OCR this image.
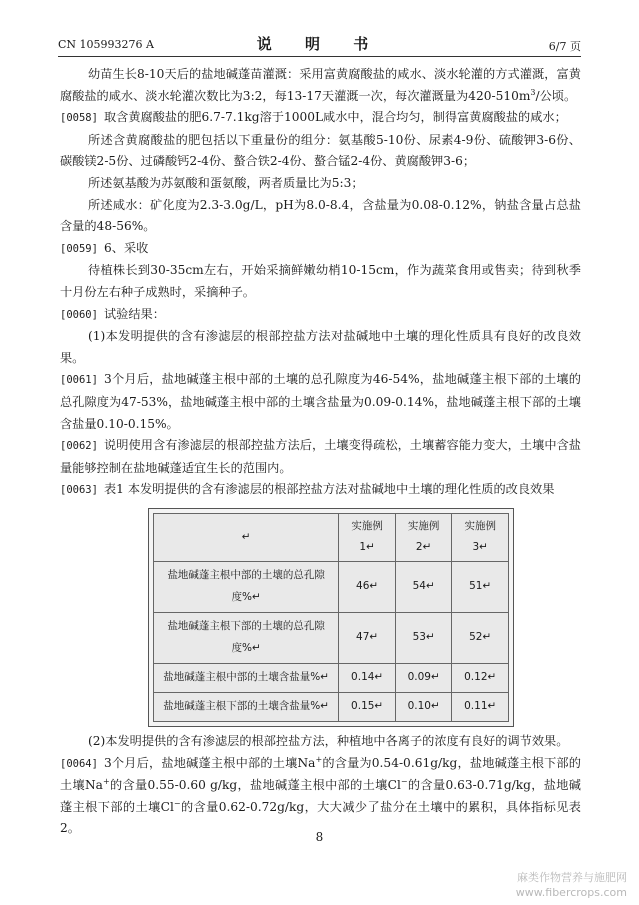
CN 105993276 A	说 明 书	6/7 页

幼苗生长8-10天后的盐地碱蓬苗灌溉：采用富黄腐酸盐的咸水、淡水轮灌的方式灌溉，富黄腐酸盐的咸水、淡水轮灌次数比为3:2，每13-17天灌溉一次，每次灌溉量为$420-510m^3/$公顷。

[0058] 取含黄腐酸盐的肥6.7-7.1kg溶于1000L咸水中，混合均匀，制得富黄腐酸盐的咸水；

所述含黄腐酸盐的肥包括以下重量份的组分：氨基酸5-10份、尿素4-9份、硫酸钾3-6份、碳酸镁2-5份、过磷酸钙2-4份、螯合铁2-4份、螯合锰2-4份、黄腐酸钾3-6；

所述氨基酸为苏氨酸和蛋氨酸，两者质量比为5:3；

所述咸水：矿化度为2.3-3.0g/L，pH为8.0-8.4，含盐量为0.08-0.12%，钠盐含量占总盐含量的48-56%。

[0059] 6、采收

待植株长到30-35cm左右，开始采摘鲜嫩幼梢10-15cm，作为蔬菜食用或售卖；待到秋季十月份左右种子成熟时，采摘种子。

[0060] 试验结果：

(1)本发明提供的含有渗滤层的根部控盐方法对盐碱地中土壤的理化性质具有良好的改良效果。

[0061] 3个月后，盐地碱蓬主根中部的土壤的总孔隙度为46-54%，盐地碱蓬主根下部的土壤的总孔隙度为47-53%，盐地碱蓬主根中部的土壤含盐量为0.09-0.14%，盐地碱蓬主根下部的土壤含盐量0.10-0.15%。

[0062] 说明使用含有渗滤层的根部控盐方法后，土壤变得疏松，土壤蓄容能力变大，土壤中含盐量能够控制在盐地碱蓬适宜生长的范围内。

[0063] 表1 本发明提供的含有渗滤层的根部控盐方法对盐碱地中土壤的理化性质的改良效果

↵	实施例 1↵	实施例 2↵	实施例 3↵
盐地碱蓬主根中部的土壤的总孔隙度%↵	46↵	54↵	51↵
盐地碱蓬主根下部的土壤的总孔隙度%↵	47↵	53↵	52↵
盐地碱蓬主根中部的土壤含盐量%↵	0.14↵	0.09↵	0.12↵
盐地碱蓬主根下部的土壤含盐量%↵	0.15↵	0.10↵	0.11↵

(2)本发明提供的含有渗滤层的根部控盐方法，种植地中各离子的浓度有良好的调节效果。

[0064] 3个月后，盐地碱蓬主根中部的土壤Na+的含量为0.54-0.61g/kg，盐地碱蓬主根下部的土壤Na+的含量0.55-0.60 g/kg，盐地碱蓬主根中部的土壤Cl−的含量0.63-0.71g/kg，盐地碱蓬主根下部的土壤Cl−的含量0.62-0.72g/kg，大大减少了盐分在土壤中的累积，具体指标见表2。

8
麻类作物营养与施肥网
www.fibercrops.com
